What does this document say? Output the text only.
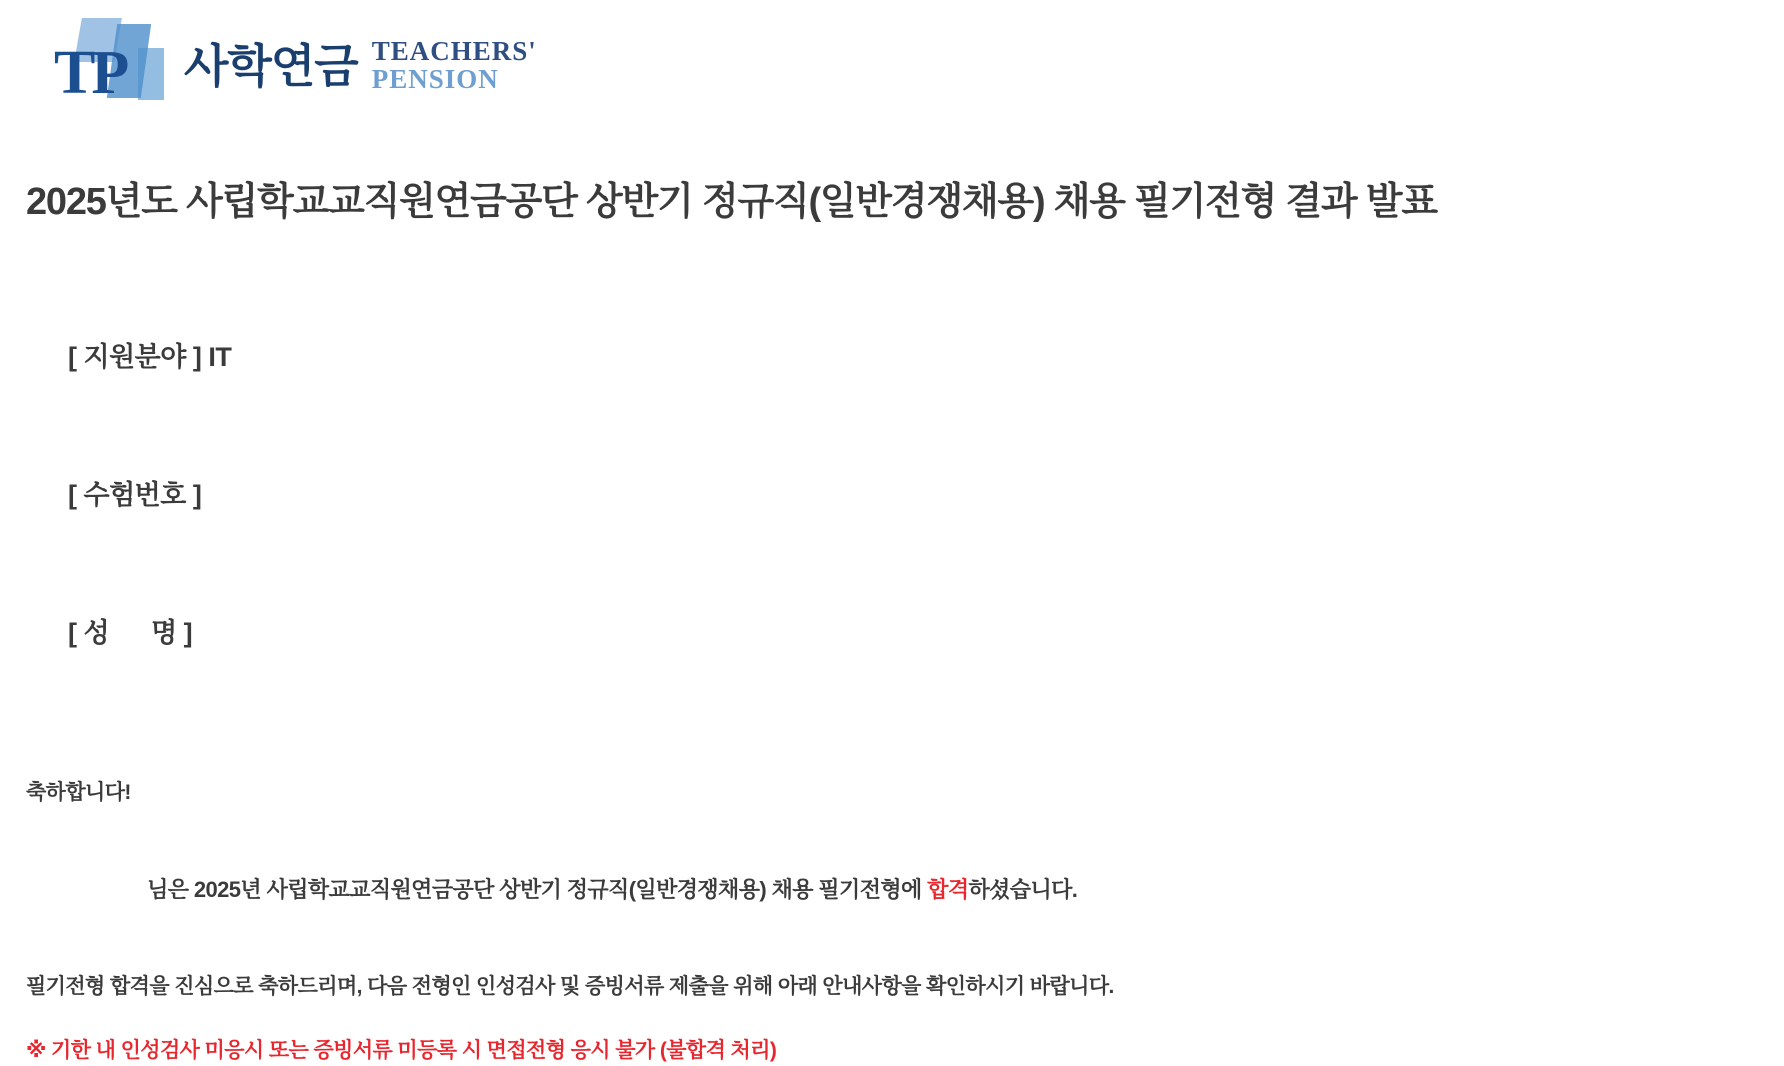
TP 사학연금 TEACHERS'
PENSION
2025년도 사립학교교직원연금공단 상반기 정규직(일반경쟁채용) 채용 필기전형 결과 발표

[ 지원분야 ] IT

[ 수험번호 ]

[ 성      명 ]

축하합니다!

님은 2025년 사립학교교직원연금공단 상반기 정규직(일반경쟁채용) 채용 필기전형에 합격하셨습니다.

필기전형 합격을 진심으로 축하드리며, 다음 전형인 인성검사 및 증빙서류 제출을 위해 아래 안내사항을 확인하시기 바랍니다.
※ 기한 내 인성검사 미응시 또는 증빙서류 미등록 시 면접전형 응시 불가 (불합격 처리)
